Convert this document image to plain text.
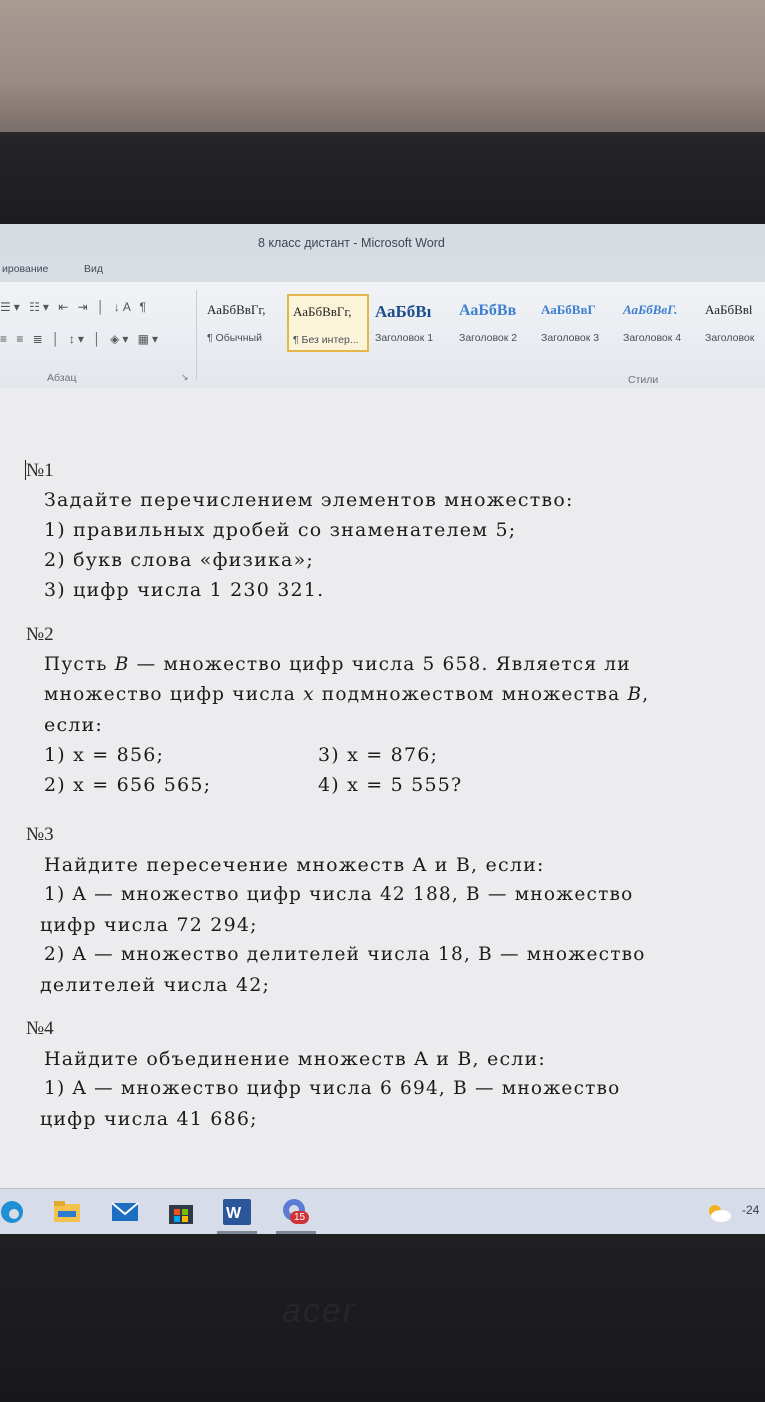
8 класс дистант - Microsoft Word
ирование	Вид
☰▾ ☷▾ ⇤ ⇥ │ ↓A ¶
≡ ≡ ≣ │ ↕▾ │ ◈▾ ▦▾
Абзац	↘
АаБбВвГг,
¶ Обычный
АаБбВвГг,
¶ Без интер...
АаБбВı
Заголовок 1
АаБбВв
Заголовок 2
АаБбВвГ
Заголовок 3
АаБбВвГ.
Заголовок 4
АаБбВвl
Заголовок
Стили
№1
Задайте перечислением элементов множество:
1) правильных дробей со знаменателем 5;
2) букв слова «физика»;
3) цифр числа 1 230 321.
№2
Пусть B — множество цифр числа 5 658. Является ли
множество цифр числа x подмножеством множества B,
если:
1) x = 856;
2) x = 656 565;
3) x = 876;
4) x = 5 555?
№3
Найдите пересечение множеств A и B, если:
1) A — множество цифр числа 42 188, B — множество
цифр числа 72 294;
2) A — множество делителей числа 18, B — множество
делителей числа 42;
№4
Найдите объединение множеств A и B, если:
1) A — множество цифр числа 6 694, B — множество
цифр числа 41 686;
W	15
-24
acer
